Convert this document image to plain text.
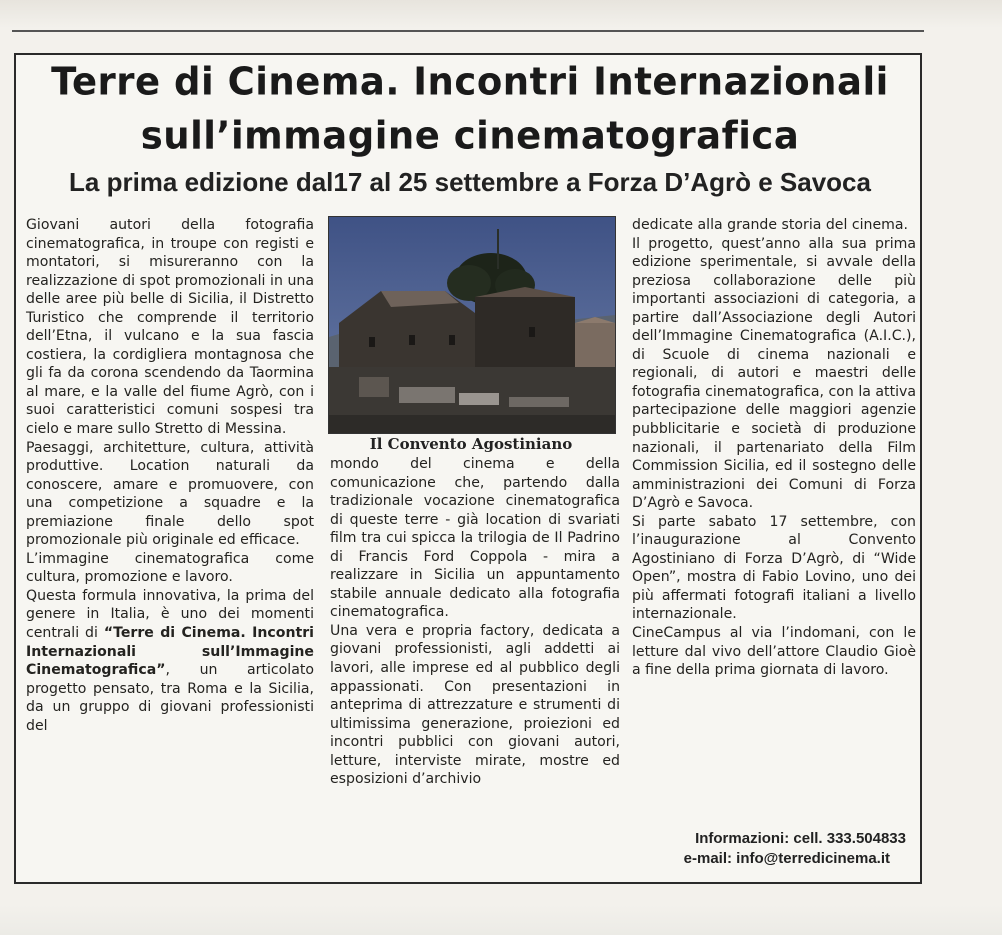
Terre di Cinema. Incontri Internazionali
sull’immagine cinematografica
La prima edizione dal17 al 25 settembre a Forza D’Agrò e Savoca

Giovani autori della fotografia cinematografica, in troupe con registi e montatori, si misureranno con la realizzazione di spot promozionali in una delle aree più belle di Sicilia, il Distretto Turistico che comprende il territorio dell’Etna, il vulcano e la sua fascia costiera, la cordigliera montagnosa che gli fa da corona scendendo da Taormina al mare, e la valle del fiume Agrò, con i suoi caratteristici comuni sospesi tra cielo e mare sullo Stretto di Messina.

Paesaggi, architetture, cultura, attività produttive. Location naturali da conoscere, amare e promuovere, con una competizione a squadre e la premiazione finale dello spot promozionale più originale ed efficace.

L’immagine cinematografica come cultura, promozione e lavoro.

Questa formula innovativa, la prima del genere in Italia, è uno dei momenti centrali di “Terre di Cinema. Incontri Internazionali sull’Immagine Cinematografica”, un articolato progetto pensato, tra Roma e la Sicilia, da un gruppo di giovani professionisti del

Il Convento Agostiniano

mondo del cinema e della comunicazione che, partendo dalla tradizionale vocazione cinematografica di queste terre - già location di svariati film tra cui spicca la trilogia de Il Padrino di Francis Ford Coppola - mira a realizzare in Sicilia un appuntamento stabile annuale dedicato alla fotografia cinematografica.

Una vera e propria factory, dedicata a giovani professionisti, agli addetti ai lavori, alle imprese ed al pubblico degli appassionati. Con presentazioni in anteprima di attrezzature e strumenti di ultimissima generazione, proiezioni ed incontri pubblici con giovani autori, letture, interviste mirate, mostre ed esposizioni d’archivio

dedicate alla grande storia del cinema.

Il progetto, quest’anno alla sua prima edizione sperimentale, si avvale della preziosa collaborazione delle più importanti associazioni di categoria, a partire dall’Associazione degli Autori dell’Immagine Cinematografica (A.I.C.), di Scuole di cinema nazionali e regionali, di autori e maestri delle fotografia cinematografica, con la attiva partecipazione delle maggiori agenzie pubblicitarie e società di produzione nazionali, il partenariato della Film Commission Sicilia, ed il sostegno delle amministrazioni dei Comuni di Forza D’Agrò e Savoca.

Si parte sabato 17 settembre, con l’inaugurazione al Convento Agostiniano di Forza D’Agrò, di “Wide Open”, mostra di Fabio Lovino, uno dei più affermati fotografi italiani a livello internazionale.

CineCampus al via l’indomani, con le letture dal vivo dell’attore Claudio Gioè a fine della prima giornata di lavoro.

Informazioni: cell. 333.504833

e-mail: info@terredicinema.it
